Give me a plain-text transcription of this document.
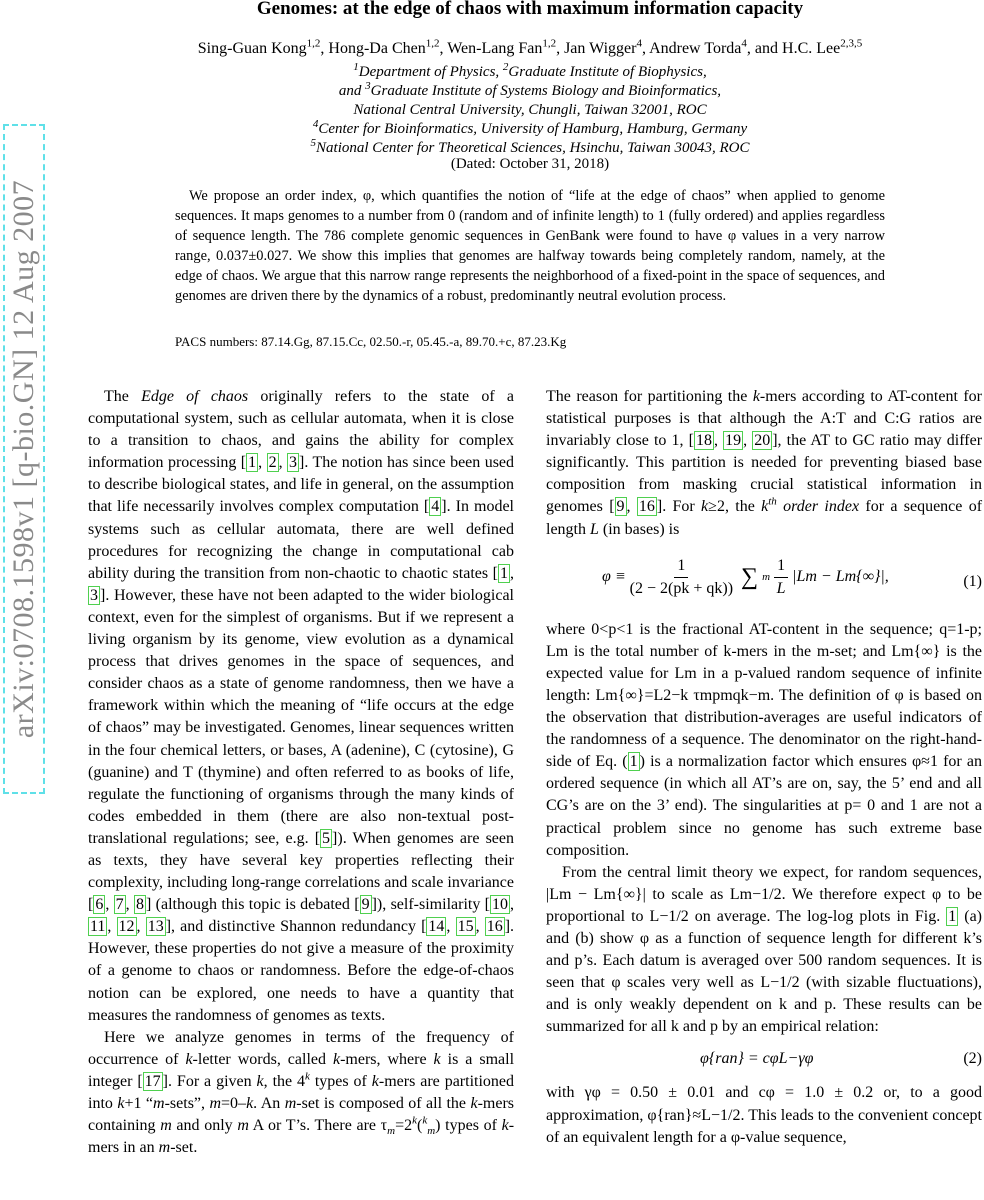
arXiv:0708.1598v1 [q-bio.GN] 12 Aug 2007
Genomes: at the edge of chaos with maximum information capacity
Sing-Guan Kong$^{1,2}$, Hong-Da Chen$^{1,2}$, Wen-Lang Fan$^{1,2}$, Jan Wigger$^4$, Andrew Torda$^4$, and H.C. Lee$^{2,3,5}$
$^1$Department of Physics, $^2$Graduate Institute of Biophysics,
and $^3$Graduate Institute of Systems Biology and Bioinformatics,
National Central University, Chungli, Taiwan 32001, ROC
$^4$Center for Bioinformatics, University of Hamburg, Hamburg, Germany
$^5$National Center for Theoretical Sciences, Hsinchu, Taiwan 30043, ROC
(Dated: October 31, 2018)
We propose an order index, φ, which quantifies the notion of “life at the edge of chaos” when applied to genome sequences. It maps genomes to a number from 0 (random and of infinite length) to 1 (fully ordered) and applies regardless of sequence length. The 786 complete genomic sequences in GenBank were found to have φ values in a very narrow range, 0.037±0.027. We show this implies that genomes are halfway towards being completely random, namely, at the edge of chaos. We argue that this narrow range represents the neighborhood of a fixed-point in the space of sequences, and genomes are driven there by the dynamics of a robust, predominantly neutral evolution process.
PACS numbers: 87.14.Gg, 87.15.Cc, 02.50.-r, 05.45.-a, 89.70.+c, 87.23.Kg

The Edge of chaos originally refers to the state of a computational system, such as cellular automata, when it is close to a transition to chaos, and gains the ability for complex information processing [ 1 , 2 , 3 ]. The notion has since been used to describe biological states, and life in general, on the assumption that life necessarily involves complex computation [ 4 ]. In model systems such as cellular automata, there are well defined procedures for recognizing the change in computational cab ability during the transition from non-chaotic to chaotic states [ 1 , 3 ]. However, these have not been adapted to the wider biological context, even for the simplest of organisms. But if we represent a living organism by its genome, view evolution as a dynamical process that drives genomes in the space of sequences, and consider chaos as a state of genome randomness, then we have a framework within which the meaning of “life occurs at the edge of chaos” may be investigated. Genomes, linear sequences written in the four chemical letters, or bases, A (adenine), C (cytosine), G (guanine) and T (thymine) and often referred to as books of life, regulate the functioning of organisms through the many kinds of codes embedded in them (there are also non-textual post-translational regulations; see, e.g. [ 5 ]). When genomes are seen as texts, they have several key properties reflecting their complexity, including long-range correlations and scale invariance [ 6 , 7 , 8 ] (although this topic is debated [ 9 ]), self-similarity [ 10 , 11 , 12 , 13 ], and distinctive Shannon redundancy [ 14 , 15 , 16 ]. However, these properties do not give a measure of the proximity of a genome to chaos or randomness. Before the edge-of-chaos notion can be explored, one needs to have a quantity that measures the randomness of genomes as texts.

Here we analyze genomes in terms of the frequency of occurrence of k-letter words, called k-mers, where k is a small integer [ 17 ]. For a given k, the 4$^k$ types of k-mers are partitioned into k+1 “m-sets”, m=0–k. An m-set is composed of all the k-mers containing m and only m A or T’s. There are $\tau_m=2^k(^k_m)$ types of k-mers in an m-set.

The reason for partitioning the k-mers according to AT-content for statistical purposes is that although the A:T and C:G ratios are invariably close to 1, [ 18 , 19 , 20 ], the AT to GC ratio may differ significantly. This partition is needed for preventing biased base composition from masking crucial statistical information in genomes [ 9 , 16 ]. For k≥2, the $k^{th}$ order index for a sequence of length L (in bases) is

$\varphi \equiv \frac{1}{(2 - 2(pk + qk))}$ ∑ m $\frac{1}{L} |Lm - Lm\{\infty\}|$,	(1)

where 0<p<1 is the fractional AT-content in the sequence; q=1-p; Lm is the total number of k-mers in the m-set; and Lm{∞} is the expected value for Lm in a p-valued random sequence of infinite length: Lm{∞}=L2−k τmpmqk−m. The definition of φ is based on the observation that distribution-averages are useful indicators of the randomness of a sequence. The denominator on the right-hand-side of Eq. ( 1 ) is a normalization factor which ensures φ≈1 for an ordered sequence (in which all AT’s are on, say, the 5’ end and all CG’s are on the 3’ end). The singularities at p= 0 and 1 are not a practical problem since no genome has such extreme base composition.

From the central limit theory we expect, for random sequences, |Lm − Lm{∞}| to scale as Lm−1/2. We therefore expect φ to be proportional to L−1/2 on average. The log-log plots in Fig. 1 (a) and (b) show φ as a function of sequence length for different k’s and p’s. Each datum is averaged over 500 random sequences. It is seen that φ scales very well as L−1/2 (with sizable fluctuations), and is only weakly dependent on k and p. These results can be summarized for all k and p by an empirical relation:

φ{ran} = cφL−γφ	(2)

with γφ = 0.50 ± 0.01 and cφ = 1.0 ± 0.2 or, to a good approximation, φ{ran}≈L−1/2. This leads to the convenient concept of an equivalent length for a φ-value sequence,
